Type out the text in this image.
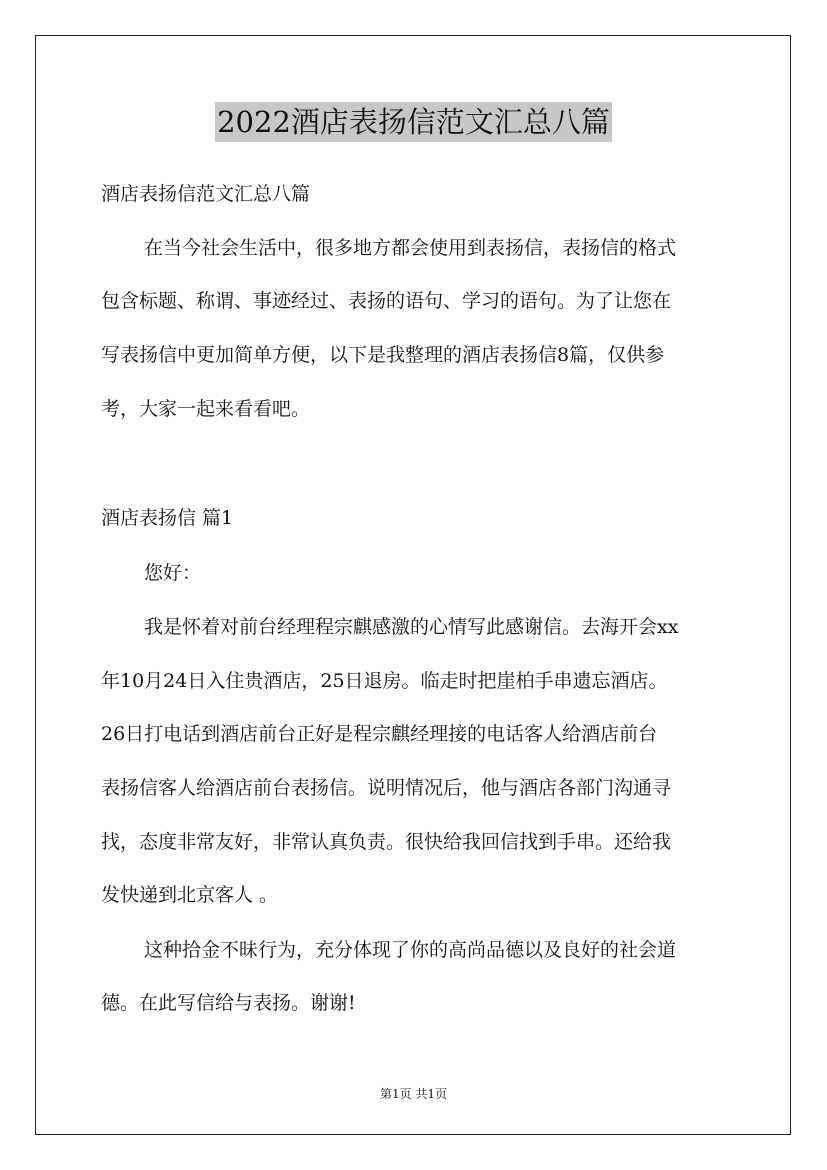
2022酒店表扬信范文汇总八篇
酒店表扬信范文汇总八篇
在当今社会生活中，很多地方都会使用到表扬信，表扬信的格式
包含标题、称谓、事迹经过、表扬的语句、学习的语句。为了让您在
写表扬信中更加简单方便，以下是我整理的酒店表扬信8篇，仅供参
考，大家一起来看看吧。
酒店表扬信 篇1
您好：
我是怀着对前台经理程宗麒感激的心情写此感谢信。去海开会xx
年10月24日入住贵酒店，25日退房。临走时把崖柏手串遗忘酒店。
26日打电话到酒店前台正好是程宗麒经理接的电话客人给酒店前台
表扬信客人给酒店前台表扬信。说明情况后，他与酒店各部门沟通寻
找，态度非常友好，非常认真负责。很快给我回信找到手串。还给我
发快递到北京客人 。
这种拾金不昧行为，充分体现了你的高尚品德以及良好的社会道
德。在此写信给与表扬。谢谢!
第1页 共1页
